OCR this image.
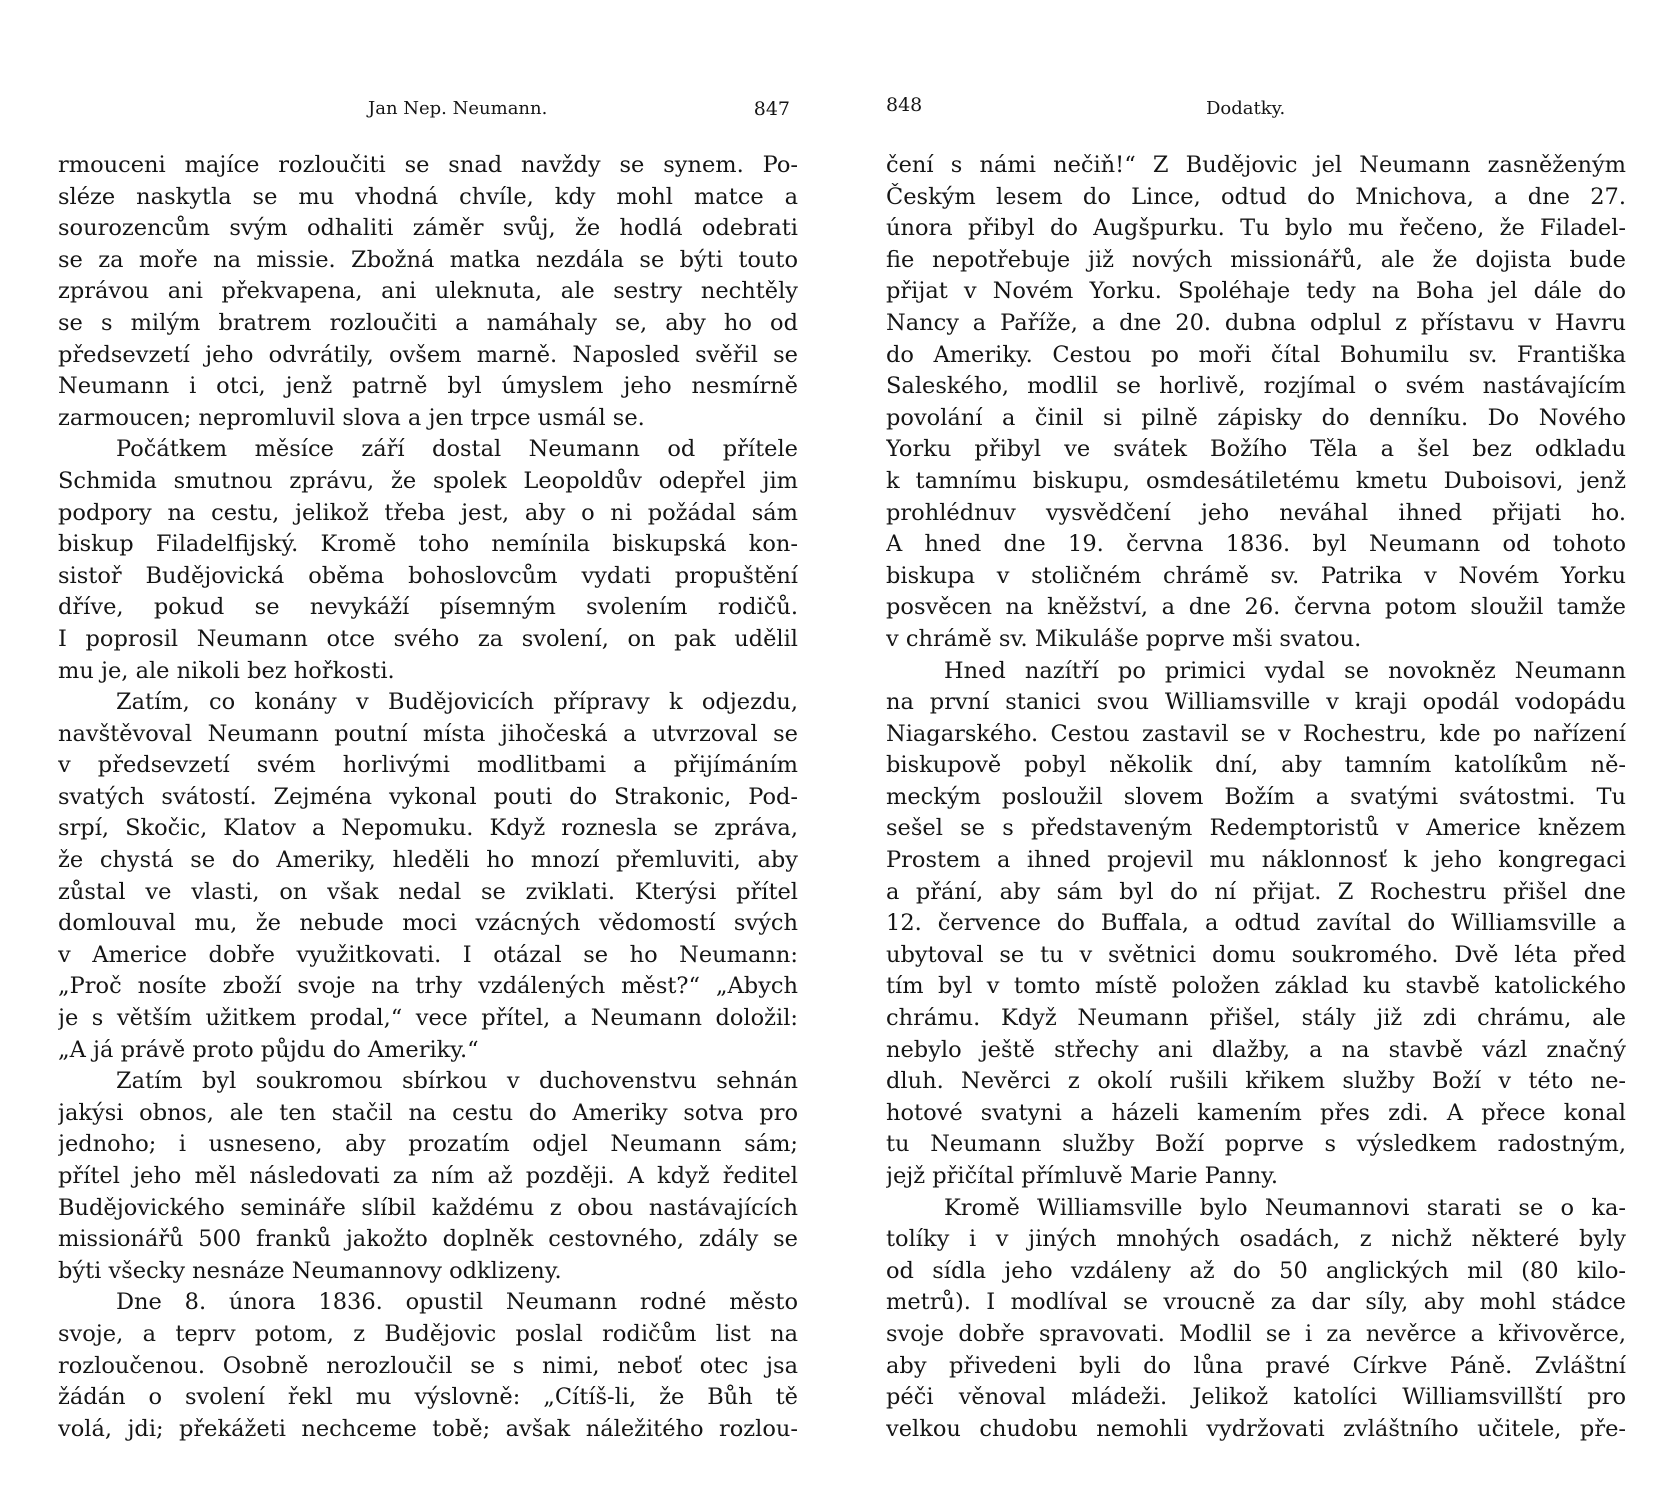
Jan Nep. Neumann.	847
rmouceni majíce rozloučiti se snad navždy se synem. Po-
sléze naskytla se mu vhodná chvíle, kdy mohl matce a
sourozencům svým odhaliti záměr svůj, že hodlá odebrati
se za moře na missie. Zbožná matka nezdála se býti touto
zprávou ani překvapena, ani uleknuta, ale sestry nechtěly
se s milým bratrem rozloučiti a namáhaly se, aby ho od
předsevzetí jeho odvrátily, ovšem marně. Naposled svěřil se
Neumann i otci, jenž patrně byl úmyslem jeho nesmírně
zarmoucen; nepromluvil slova a jen trpce usmál se.
Počátkem měsíce září dostal Neumann od přítele
Schmida smutnou zprávu, že spolek Leopoldův odepřel jim
podpory na cestu, jelikož třeba jest, aby o ni požádal sám
biskup Filadelfijský. Kromě toho nemínila biskupská kon-
sistoř Budějovická oběma bohoslovcům vydati propuštění
dříve, pokud se nevykáží písemným svolením rodičů.
I poprosil Neumann otce svého za svolení, on pak udělil
mu je, ale nikoli bez hořkosti.
Zatím, co konány v Budějovicích přípravy k odjezdu,
navštěvoval Neumann poutní místa jihočeská a utvrzoval se
v předsevzetí svém horlivými modlitbami a přijímáním
svatých svátostí. Zejména vykonal pouti do Strakonic, Pod-
srpí, Skočic, Klatov a Nepomuku. Když roznesla se zpráva,
že chystá se do Ameriky, hleděli ho mnozí přemluviti, aby
zůstal ve vlasti, on však nedal se zviklati. Kterýsi přítel
domlouval mu, že nebude moci vzácných vědomostí svých
v Americe dobře využitkovati. I otázal se ho Neumann:
„Proč nosíte zboží svoje na trhy vzdálených měst?“ „Abych
je s větším užitkem prodal,“ vece přítel, a Neumann doložil:
„A já právě proto půjdu do Ameriky.“
Zatím byl soukromou sbírkou v duchovenstvu sehnán
jakýsi obnos, ale ten stačil na cestu do Ameriky sotva pro
jednoho; i usneseno, aby prozatím odjel Neumann sám;
přítel jeho měl následovati za ním až později. A když ředitel
Budějovického semináře slíbil každému z obou nastávajících
missionářů 500 franků jakožto doplněk cestovného, zdály se
býti všecky nesnáze Neumannovy odklizeny.
Dne 8. února 1836. opustil Neumann rodné město
svoje, a teprv potom, z Budějovic poslal rodičům list na
rozloučenou. Osobně nerozloučil se s nimi, neboť otec jsa
žádán o svolení řekl mu výslovně: „Cítíš-li, že Bůh tě
volá, jdi; překážeti nechceme tobě; avšak náležitého rozlou-
848	Dodatky.
čení s námi nečiň!“ Z Budějovic jel Neumann zasněženým
Českým lesem do Lince, odtud do Mnichova, a dne 27.
února přibyl do Augšpurku. Tu bylo mu řečeno, že Filadel-
fie nepotřebuje již nových missionářů, ale že dojista bude
přijat v Novém Yorku. Spoléhaje tedy na Boha jel dále do
Nancy a Paříže, a dne 20. dubna odplul z přístavu v Havru
do Ameriky. Cestou po moři čítal Bohumilu sv. Františka
Saleského, modlil se horlivě, rozjímal o svém nastávajícím
povolání a činil si pilně zápisky do denníku. Do Nového
Yorku přibyl ve svátek Božího Těla a šel bez odkladu
k tamnímu biskupu, osmdesátiletému kmetu Duboisovi, jenž
prohlédnuv vysvědčení jeho neváhal ihned přijati ho.
A hned dne 19. června 1836. byl Neumann od tohoto
biskupa v stoličném chrámě sv. Patrika v Novém Yorku
posvěcen na kněžství, a dne 26. června potom sloužil tamže
v chrámě sv. Mikuláše poprve mši svatou.
Hned nazítří po primici vydal se novokněz Neumann
na první stanici svou Williamsville v kraji opodál vodopádu
Niagarského. Cestou zastavil se v Rochestru, kde po nařízení
biskupově pobyl několik dní, aby tamním katolíkům ně-
meckým posloužil slovem Božím a svatými svátostmi. Tu
sešel se s představeným Redemptoristů v Americe knězem
Prostem a ihned projevil mu náklonnosť k jeho kongregaci
a přání, aby sám byl do ní přijat. Z Rochestru přišel dne
12. července do Buffala, a odtud zavítal do Williamsville a
ubytoval se tu v světnici domu soukromého. Dvě léta před
tím byl v tomto místě položen základ ku stavbě katolického
chrámu. Když Neumann přišel, stály již zdi chrámu, ale
nebylo ještě střechy ani dlažby, a na stavbě vázl značný
dluh. Nevěrci z okolí rušili křikem služby Boží v této ne-
hotové svatyni a házeli kamením přes zdi. A přece konal
tu Neumann služby Boží poprve s výsledkem radostným,
jejž přičítal přímluvě Marie Panny.
Kromě Williamsville bylo Neumannovi starati se o ka-
tolíky i v jiných mnohých osadách, z nichž některé byly
od sídla jeho vzdáleny až do 50 anglických mil (80 kilo-
metrů). I modlíval se vroucně za dar síly, aby mohl stádce
svoje dobře spravovati. Modlil se i za nevěrce a křivověrce,
aby přivedeni byli do lůna pravé Církve Páně. Zvláštní
péči věnoval mládeži. Jelikož katolíci Williamsvillští pro
velkou chudobu nemohli vydržovati zvláštního učitele, pře-
